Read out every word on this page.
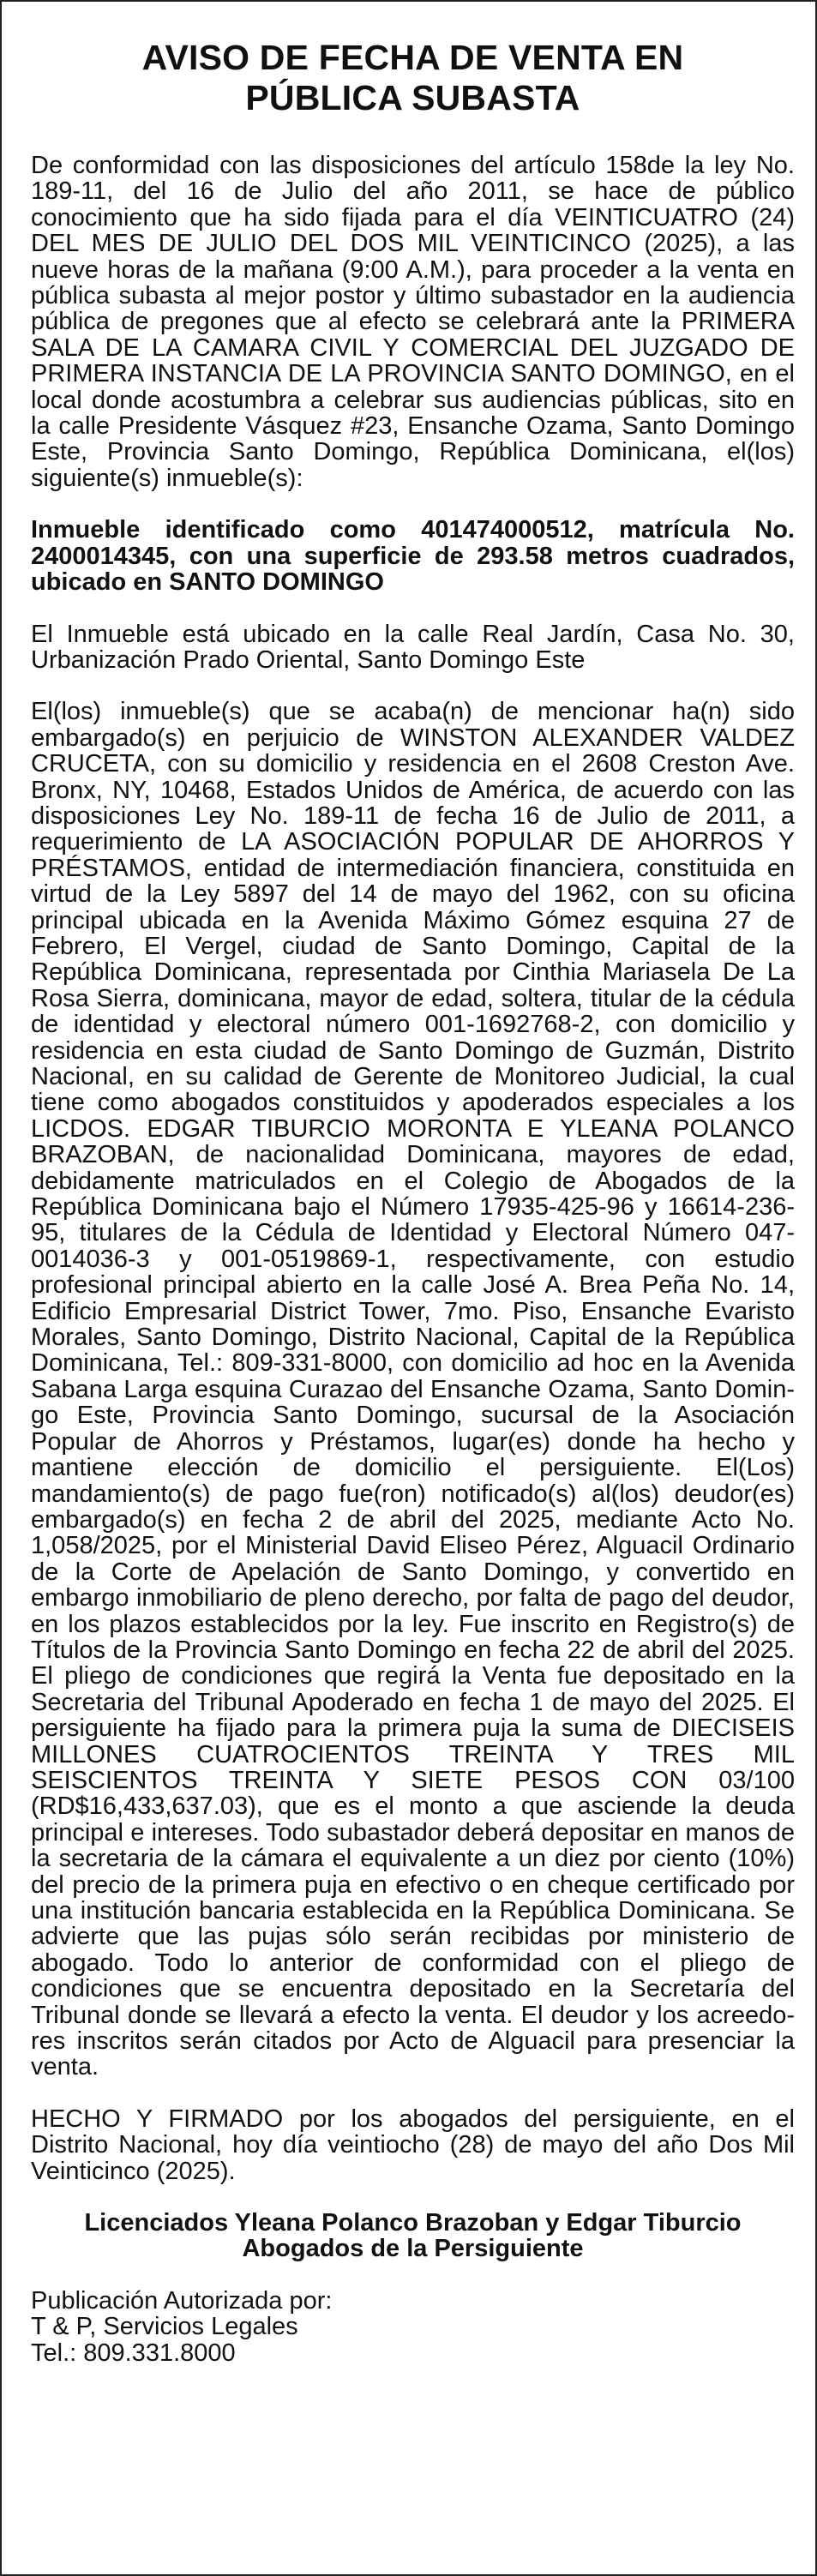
AVISO DE FECHA DE VENTA EN
PÚBLICA SUBASTA

De conformidad con las disposiciones del artículo 158de la ley No. 189-11, del 16 de Julio del año 2011, se hace de público conocimiento que ha sido fijada para el día VEINTICUATRO (24) DEL MES DE JULIO DEL DOS MIL VEINTICINCO (2025), a las nueve horas de la mañana (9:00 A.M.), para proceder a la venta en pública subasta al mejor postor y último subastador en la audiencia pública de pregones que al efecto se celebrará ante la PRIMERA SALA DE LA CAMARA CIVIL Y COMERCIAL DEL JUZGADO DE PRIMERA INSTANCIA DE LA PROVINCIA SANTO DOMINGO, en el local donde acostumbra a celebrar sus audiencias públicas, sito en la calle Presidente Vásquez #23, Ensanche Ozama, Santo Domingo Este, Provincia Santo Domingo, República Dominicana, el(los) siguiente(s) inmueble(s):

Inmueble identificado como 401474000512, matrícula No. 2400014345, con una superficie de 293.58 metros cuadrados, ubicado en SANTO DOMINGO

El Inmueble está ubicado en la calle Real Jardín, Casa No. 30, Urbanización Prado Oriental, Santo Domingo Este

El(los) inmueble(s) que se acaba(n) de mencionar ha(n) sido embargado(s) en perjuicio de WINSTON ALEXANDER VALDEZ CRUCETA, con su domicilio y residencia en el 2608 Creston Ave. Bronx, NY, 10468, Estados Unidos de América, de acuerdo con las disposiciones Ley No. 189-11 de fecha 16 de Julio de 2011, a requerimiento de LA ASOCIACIÓN POPULAR DE AHORROS Y PRÉSTAMOS, entidad de intermediación financiera, constituida en virtud de la Ley 5897 del 14 de mayo del 1962, con su oficina principal ubicada en la Avenida Máximo Gómez esquina 27 de Febrero, El Vergel, ciudad de Santo Domingo, Capital de la República Dominicana, representada por Cinthia Mariasela De La Rosa Sierra, dominicana, mayor de edad, soltera, titular de la cédula de identidad y electoral número 001-1692768-2, con domicilio y residencia en esta ciudad de Santo Domingo de Guzmán, Distrito Nacional, en su calidad de Gerente de Monitoreo Judicial, la cual tiene como abogados constituidos y apoderados especiales a los LICDOS. EDGAR TIBURCIO MORONTA E YLEANA POLANCO BRAZOBAN, de nacionalidad Dominicana, mayores de edad, debidamente matriculados en el Colegio de Abogados de la República Dominicana bajo el Número 17935-425-96 y 16614-236-95, titulares de la Cédula de Identidad y Electoral Número 047-0014036-3 y 001-0519869-1, respectivamente, con estudio profesional principal abierto en la calle José A. Brea Peña No. 14, Edificio Empresarial District Tower, 7mo. Piso, Ensanche Evaristo Morales, Santo Domingo, Distrito Nacional, Capital de la República Dominicana, Tel.: 809-331-8000, con domicilio ad hoc en la Avenida Sabana Larga esquina Curazao del Ensanche Ozama, Santo Domingo Este, Provincia Santo Domingo, sucursal de la Asociación Popular de Ahorros y Préstamos, lugar(es) donde ha hecho y mantiene elección de domicilio el persiguiente. El(Los) mandamiento(s) de pago fue(ron) notificado(s) al(los) deudor(es) embargado(s) en fecha 2 de abril del 2025, mediante Acto No. 1,058/2025, por el Ministerial David Eliseo Pérez, Alguacil Ordinario de la Corte de Apelación de Santo Domingo, y convertido en embargo inmobiliario de pleno derecho, por falta de pago del deudor, en los plazos establecidos por la ley. Fue inscrito en Registro(s) de Títulos de la Provincia Santo Domingo en fecha 22 de abril del 2025. El pliego de condiciones que regirá la Venta fue depositado en la Secretaria del Tribunal Apoderado en fecha 1 de mayo del 2025. El persiguiente ha fijado para la primera puja la suma de DIECISEIS MILLONES CUATROCIENTOS TREINTA Y TRES MIL SEISCIENTOS TREINTA Y SIETE PESOS CON 03/100 (RD$16,433,637.03), que es el monto a que asciende la deuda principal e intereses. Todo subastador deberá depositar en manos de la secretaria de la cámara el equivalente a un diez por ciento (10%) del precio de la primera puja en efectivo o en cheque certificado por una institución bancaria establecida en la República Dominicana. Se advierte que las pujas sólo serán recibidas por ministerio de abogado. Todo lo anterior de conformidad con el pliego de condiciones que se encuentra depositado en la Secretaría del Tribunal donde se llevará a efecto la venta. El deudor y los acreedores inscritos serán citados por Acto de Alguacil para presenciar la venta.

HECHO Y FIRMADO por los abogados del persiguiente, en el Distrito Nacional, hoy día veintiocho (28) de mayo del año Dos Mil Veinticinco (2025).

Licenciados Yleana Polanco Brazoban y Edgar Tiburcio
Abogados de la Persiguiente

Publicación Autorizada por:
T & P, Servicios Legales
Tel.: 809.331.8000
